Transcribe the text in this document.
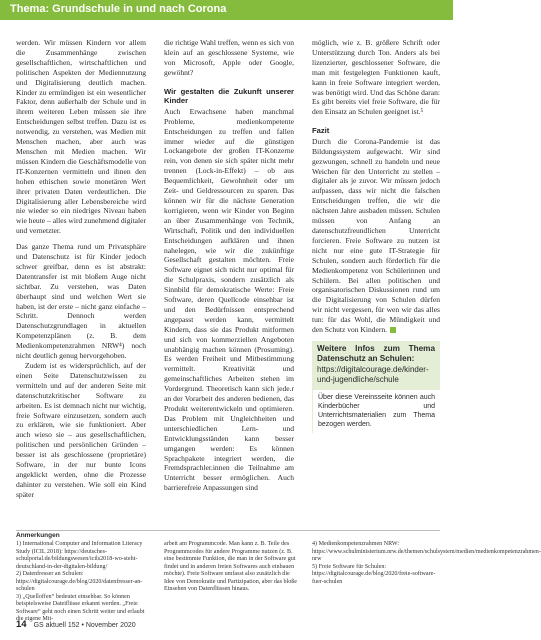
Thema: Grundschule in und nach Corona

werden. Wir müssen Kindern vor allem die Zusammenhänge zwischen gesellschaftlichen, wirtschaftlichen und politischen Aspekten der Mediennutzung und Digitalisierung deutlich machen. Kinder zu ermündigen ist ein wesentlicher Faktor, denn außerhalb der Schule und in ihrem weiteren Leben müssen sie ihre Entscheidungen selbst treffen. Dazu ist es notwendig, zu verstehen, was Medien mit Menschen machen, aber auch was Menschen mit Medien machen. Wir müssen Kindern die Geschäftsmodelle von IT-Konzernen vermitteln und ihnen den hohen ethischen sowie monetären Wert ihrer privaten Daten verdeutlichen. Die Digitalisierung aller Lebensbereiche wird nie wieder so ein niedriges Niveau haben wie heute – alles wird zunehmend digitaler und vernetzter.

Das ganze Thema rund um Privatsphäre und Datenschutz ist für Kinder jedoch schwer greifbar, denn es ist abstrakt: Datentransfer ist mit bloßem Auge nicht sichtbar. Zu verstehen, was Daten überhaupt sind und welchen Wert sie haben, ist der erste – nicht ganz einfache – Schritt. Dennoch werden Datenschutzgrundlagen in aktuellen Kompetenzplänen (z. B. dem Medienkompetenzrahmen NRW⁴) noch nicht deutlich genug hervorgehoben.

Zudem ist es widersprüchlich, auf der einen Seite Datenschutzwissen zu vermitteln und auf der anderen Seite mit datenschutzkritischer Software zu arbeiten. Es ist demnach nicht nur wichtig, freie Software einzusetzen, sondern auch zu erklären, wie sie funktioniert. Aber auch wieso sie – aus gesellschaftlichen, politischen und persönlichen Gründen – besser ist als geschlossene (proprietäre) Software, in der nur bunte Icons angeklickt werden, ohne die Prozesse dahinter zu verstehen. Wie soll ein Kind später

die richtige Wahl treffen, wenn es sich von klein auf an geschlossene Systeme, wie von Microsoft, Apple oder Google, gewöhnt?

Wir gestalten die Zukunft unserer Kinder

Auch Erwachsene haben manchmal Probleme, medienkompetente Entscheidungen zu treffen und fallen immer wieder auf die günstigen Lockangebote der großen IT-Konzerne rein, von denen sie sich später nicht mehr trennen (Lock-in-Effekt) – ob aus Bequemlichkeit, Gewohnheit oder um Zeit- und Geldressourcen zu sparen. Das können wir für die nächste Generation korrigieren, wenn wir Kinder von Beginn an über Zusammenhänge von Technik, Wirtschaft, Politik und den individuellen Entscheidungen aufklären und ihnen nahelegen, wie wir die zukünftige Gesellschaft gestalten möchten. Freie Software eignet sich nicht nur optimal für die Schulpraxis, sondern zusätzlich als Sinnbild für demokratische Werte: Freie Software, deren Quellcode einsehbar ist und den Bedürfnissen entsprechend angepasst werden kann, vermittelt Kindern, dass sie das Produkt mitformen und sich von kommerziellen Angeboten unabhängig machen können (Prosuming). Es werden Freiheit und Mitbestimmung vermittelt. Kreativität und gemeinschaftliches Arbeiten stehen im Vordergrund. Theoretisch kann sich jede.r an der Vorarbeit des anderen bedienen, das Produkt weiterentwickeln und optimieren. Das Problem mit Ungleichheiten und unterschiedlichen Lern- und Entwicklungsständen kann besser umgangen werden: Es können Sprachpakete integriert werden, die Fremdsprachler.innen die Teilnahme am Unterricht besser ermöglichen. Auch barrierefreie Anpassungen sind

möglich, wie z. B. größere Schrift oder Unterstützung durch Ton. Anders als bei lizenzierter, geschlossener Software, die man mit festgelegten Funktionen kauft, kann in freie Software integriert werden, was benötigt wird. Und das Schöne daran: Es gibt bereits viel freie Software, die für den Einsatz an Schulen geeignet ist.⁵

Fazit

Durch die Corona-Pandemie ist das Bildungssystem aufgewacht. Wir sind gezwungen, schnell zu handeln und neue Weichen für den Unterricht zu stellen – digitaler als je zuvor. Wir müssen jedoch aufpassen, dass wir nicht die falschen Entscheidungen treffen, die wir die nächsten Jahre ausbaden müssen. Schulen müssen von Anfang an datenschutzfreundlichen Unterricht forcieren. Freie Software zu nutzen ist nicht nur eine gute IT-Strategie für Schulen, sondern auch förderlich für die Medienkompetenz von Schülerinnen und Schülern. Bei allen politischen und organisatorischen Diskussionen rund um die Digitalisierung von Schulen dürfen wir nicht vergessen, für wen wir das alles tun: für das Wohl, die Mündigkeit und den Schutz von Kindern.

Weitere Infos zum Thema Datenschutz an Schulen:
https://digitalcourage.de/kinder-und-jugendliche/schule
Über diese Vereinsseite können auch Kinderbücher und Unterrichtsmaterialien zum Thema bezogen werden.
Anmerkungen

1) International Computer and Information Literacy Study (ICIL 2018): https://deutsches-schulportal.de/bildungswesen/icils2018-wo-steht-deutschland-in-der-digitalen-bildung/

2) Datenfresser an Schulen: https://digitalcourage.de/blog/2020/datenfresser-an-schulen

3) „Quelloffen“ bedeutet einsehbar. So können beispielsweise Dateiflüsse erkannt werden. „Freie Software“ geht noch einen Schritt weiter und erlaubt die eigene Mit-

arbeit am Programmcode. Man kann z. B. Teile des Programmcodes für andere Programme nutzen (z. B. eine bestimmte Funktion, die man in der Software gut findet und in anderen freien Softwares auch einbauen möchte). Freie Software umfasst also zusätzlich die Idee von Demokratie und Partizipation, aber das bloße Einsehen von Datenflüssen hinaus.

4) Medienkompetenzrahmen NRW: https://www.schulministerium.nrw.de/themen/schulsystem/medien/medienkompetenzrahmen-nrw

5) Freie Software für Schulen: https://digitalcourage.de/blog/2020/freie-software-fuer-schulen

14 GS aktuell 152 • November 2020
